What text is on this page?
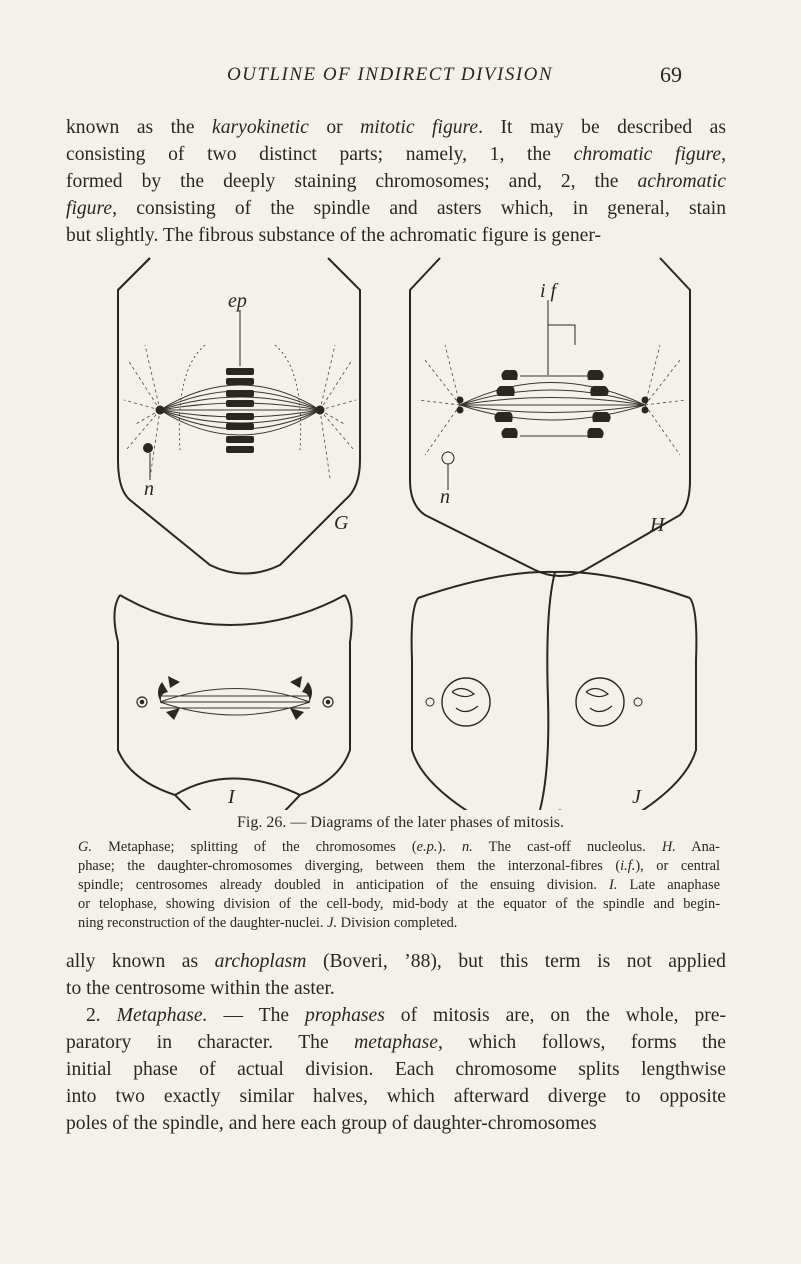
OUTLINE OF INDIRECT DIVISION	69
known as the karyokinetic or mitotic figure. It may be described as
consisting of two distinct parts; namely, 1, the chromatic figure,
formed by the deeply staining chromosomes; and, 2, the achromatic
figure, consisting of the spindle and asters which, in general, stain
but slightly. The fibrous substance of the achromatic figure is gener-
ep
n
G
i f
n
H
I	J
Fig. 26. — Diagrams of the later phases of mitosis.
G. Metaphase; splitting of the chromosomes (e.p.). n. The cast-off nucleolus. H. Ana-
phase; the daughter-chromosomes diverging, between them the interzonal-fibres (i.f.), or central
spindle; centrosomes already doubled in anticipation of the ensuing division. I. Late anaphase
or telophase, showing division of the cell-body, mid-body at the equator of the spindle and begin-
ning reconstruction of the daughter-nuclei. J. Division completed.
ally known as archoplasm (Boveri, ’88), but this term is not applied
to the centrosome within the aster.
2. Metaphase. — The prophases of mitosis are, on the whole, pre-
paratory in character. The metaphase, which follows, forms the
initial phase of actual division. Each chromosome splits lengthwise
into two exactly similar halves, which afterward diverge to opposite
poles of the spindle, and here each group of daughter-chromosomes
